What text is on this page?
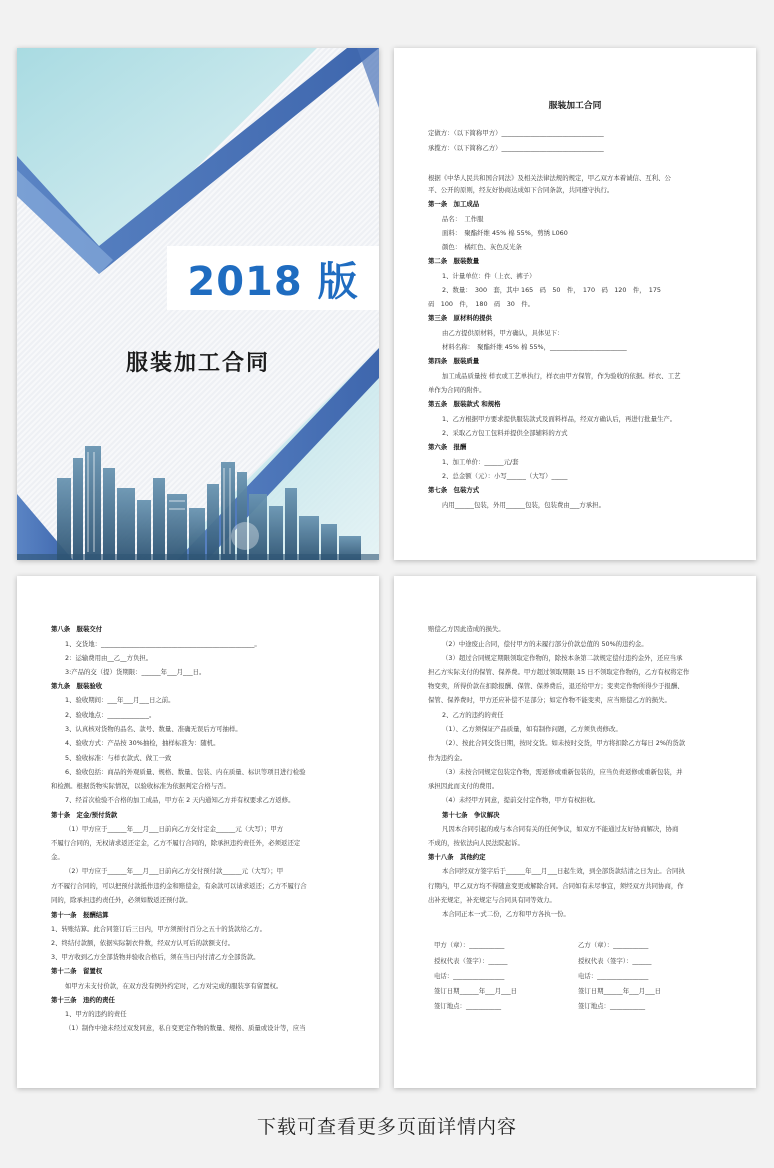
2018 版
服装加工合同
服装加工合同
定做方：（以下简称甲方）________________________________
承揽方：（以下简称乙方）________________________________
根据《中华人民共和国合同法》及相关法律法规的规定，甲乙双方本着诚信、互利、公
平、公开的原则，经友好协商达成如下合同条款，共同遵守执行。
第一条　加工成品
品名：　工作服　
面料：　聚酯纤维 45% 棉 55%，剪绣 L060　
颜色：　橘红色、灰色反光条　
第二条　服装数量
1、计量单位：件（上衣、裤子）
2、数量：　300　套，其中 165　码　50　件，　170　码　120　件，　175
码　100　件，　180　码　30　件。
第三条　原材料的提供
由乙方提供原材料，甲方确认，具体见下：
材料名称：　聚酯纤维 45% 棉 55%，________________________
第四条　服装质量
加工成品质量按 样衣或工艺单执行，样衣由甲方保管，作为验收的依据。样衣、工艺
单作为合同的附件。
第五条　服装款式 和规格
1、乙方根据甲方要求提供服装款式及面料样品，经双方确认后，再进行批量生产。
2、采取乙方包工包料并提供全部辅料的方式
第六条　报酬
1、加工单价：______元/套
2、总金额（元）：小写______（大写）_____
第七条　包装方式
内用______包装，外用______包装，包装费由___方承担。
第八条　服装交付
1、交货地：________________________________________________。
2：运输费用由__乙__方负担。
3:产品的交（提）货期限：______年___月___日。
第九条　服装验收
1、验收期间：___年___月___日之前。
2、验收地点：_____________。
3、认真核对货物的品名、款号、数量、准确无误后方可抽样。
4、验收方式：产品按 30%抽检，抽样标准为：随机。
5、验收标准：与样衣款式、做工一致
6、验收包括：商品的外观质量、规格、数量、包装、内在质量、标识等项目进行检验
和检测。根据货物实际情况，以验收标准为依据判定合格与否。
7、经首次检验不合格的加工成品，甲方在 2 天内通知乙方并有权要求乙方返修。
第十条　定金/预付货款
（1）甲方应于______年___月___日前向乙方交付定金______元（大写）；甲方
不履行合同的，无权请求返还定金，乙方不履行合同的，除承担违约责任外，必须返还定
金。
（2）甲方应于______年___月___日前向乙方交付预付款______元（大写）；甲
方不履行合同的，可以把预付款抵作违约金和赔偿金，有余款可以请求返还；乙方不履行合
同的，除承担违约责任外，必须如数返还预付款。
第十一条　报酬结算
1、转账结算。此合同签订后三日内，甲方须预付百分之五十的货款给乙方。
2、终结付款额，依据实际制衣件数，经双方认可后的款额支付。
3、甲方收到乙方全部货物并验收合格后，须在当日内付清乙方全部货款。
第十二条　留置权
如甲方未支付价款，在双方没有例外约定时，乙方对完成的服装享有留置权。
第十三条　违约的责任
1、甲方的违约的责任
（1）制作中途未经过双发同意，私自变更定作物的数量、规格、质量或设计等，应当
赔偿乙方因此造成的损失。
（2）中途废止合同，偿付甲方的未履行部分价款总值的 50%的违约金。
（3）超过合同规定期限领取定作物的，除按本条第二款规定偿付违约金外，还应当承
担乙方实际支付的保管、保养费。甲方超过领取期限 15 日不领取定作物的，乙方有权将定作
物变卖，所得价款在扣除报酬、保管、保养费后，退还给甲方；变卖定作物所得少于报酬、
保管、保养费时，甲方还应补偿不足部分；如定作物不能变卖，应当赔偿乙方的损失。
2、乙方的违约的责任
（1）、乙方须保证产品质量，如有制作问题，乙方须负责修改。
（2）、按此合同交货日期，按时交货。如未按时交货，甲方将扣除乙方每日 2%的货款
作为违约金。
（3）未按合同规定包装定作物，需返修或重新包装的，应当负责返修或重新包装，并
承担因此而支付的费用。
（4）未经甲方同意，提前交付定作物，甲方有权拒收。
第十七条　争议解决
凡因本合同引起的或与本合同有关的任何争议，如双方不能通过友好协商解决，协商
不成的，按依法向人民法院起诉。
第十八条　其他约定
本合同经双方签字后于______年___月___日起生效，到全部货款结清之日为止。合同执
行期内，甲乙双方均不得随意变更或解除合同。合同如有未尽事宜，须经双方共同协商，作
出补充规定，补充规定与合同具有同等效力。
本合同正本一式二份，乙方和甲方各执一份。
甲方（章）：___________
授权代表（签字）：______
电话：________________
签订日期______年___月___日
签订地点：___________
乙方（章）：___________
授权代表（签字）：______
电话：________________
签订日期______年___月___日
签订地点：___________
下载可查看更多页面详情内容
